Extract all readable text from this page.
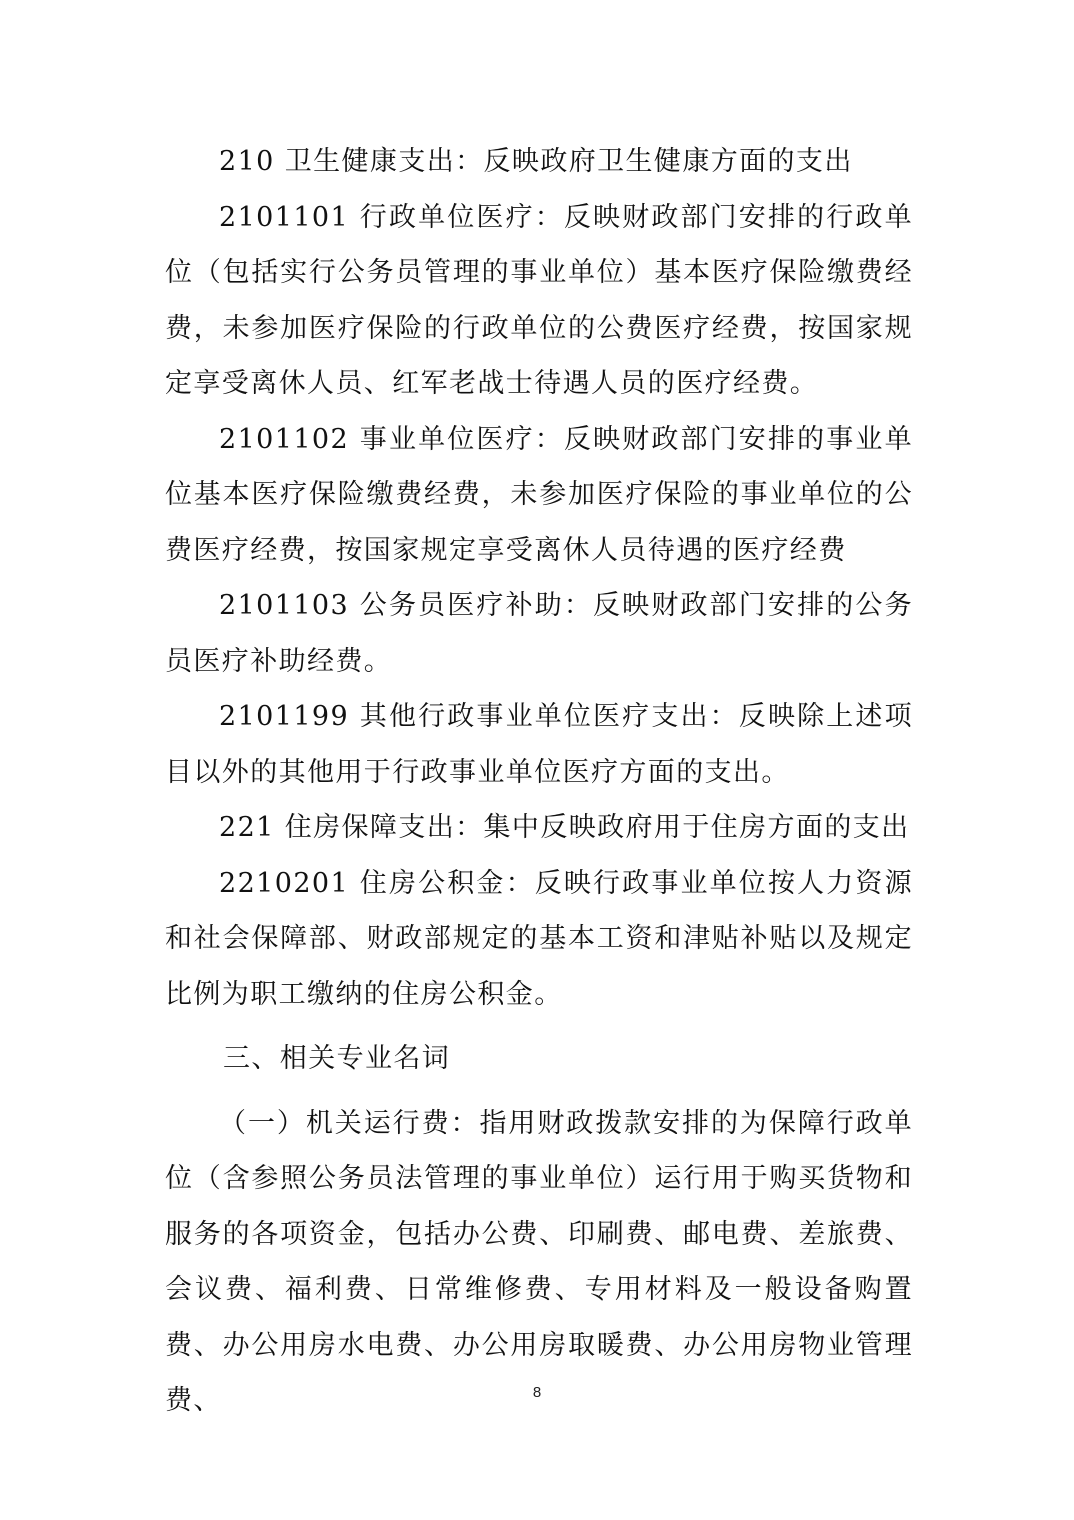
210 卫生健康支出：反映政府卫生健康方面的支出

2101101 行政单位医疗：反映财政部门安排的行政单位（包括实行公务员管理的事业单位）基本医疗保险缴费经费，未参加医疗保险的行政单位的公费医疗经费，按国家规定享受离休人员、红军老战士待遇人员的医疗经费。

2101102 事业单位医疗：反映财政部门安排的事业单位基本医疗保险缴费经费，未参加医疗保险的事业单位的公费医疗经费，按国家规定享受离休人员待遇的医疗经费

2101103 公务员医疗补助：反映财政部门安排的公务员医疗补助经费。

2101199 其他行政事业单位医疗支出：反映除上述项目以外的其他用于行政事业单位医疗方面的支出。

221 住房保障支出：集中反映政府用于住房方面的支出

2210201 住房公积金：反映行政事业单位按人力资源和社会保障部、财政部规定的基本工资和津贴补贴以及规定比例为职工缴纳的住房公积金。

三、相关专业名词

（一）机关运行费：指用财政拨款安排的为保障行政单位（含参照公务员法管理的事业单位）运行用于购买货物和服务的各项资金，包括办公费、印刷费、邮电费、差旅费、会议费、福利费、日常维修费、专用材料及一般设备购置费、办公用房水电费、办公用房取暖费、办公用房物业管理费、	8
